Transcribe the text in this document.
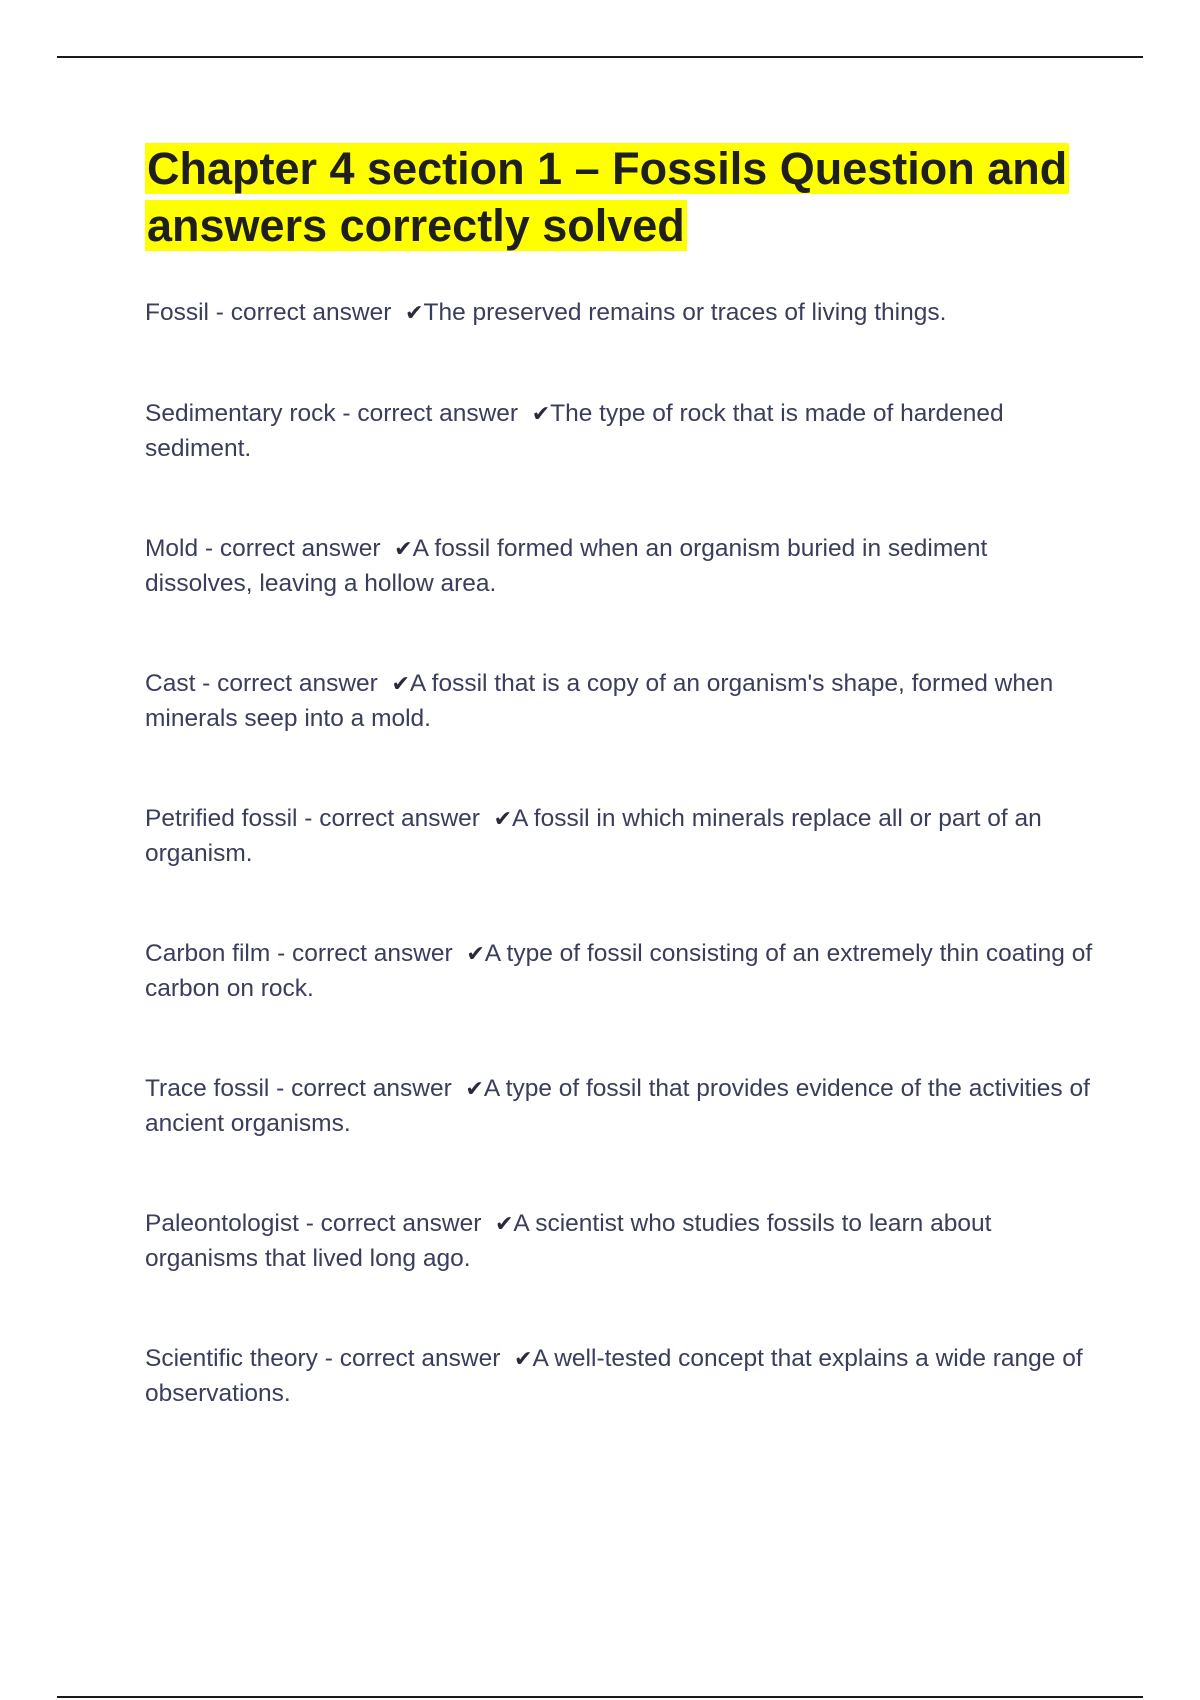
Chapter 4 section 1 – Fossils Question and answers correctly solved
Fossil - correct answer ✔The preserved remains or traces of living things.
Sedimentary rock - correct answer ✔The type of rock that is made of hardened sediment.
Mold - correct answer ✔A fossil formed when an organism buried in sediment dissolves, leaving a hollow area.
Cast - correct answer ✔A fossil that is a copy of an organism's shape, formed when minerals seep into a mold.
Petrified fossil - correct answer ✔A fossil in which minerals replace all or part of an organism.
Carbon film - correct answer ✔A type of fossil consisting of an extremely thin coating of carbon on rock.
Trace fossil - correct answer ✔A type of fossil that provides evidence of the activities of ancient organisms.
Paleontologist - correct answer ✔A scientist who studies fossils to learn about organisms that lived long ago.
Scientific theory - correct answer ✔A well-tested concept that explains a wide range of observations.
